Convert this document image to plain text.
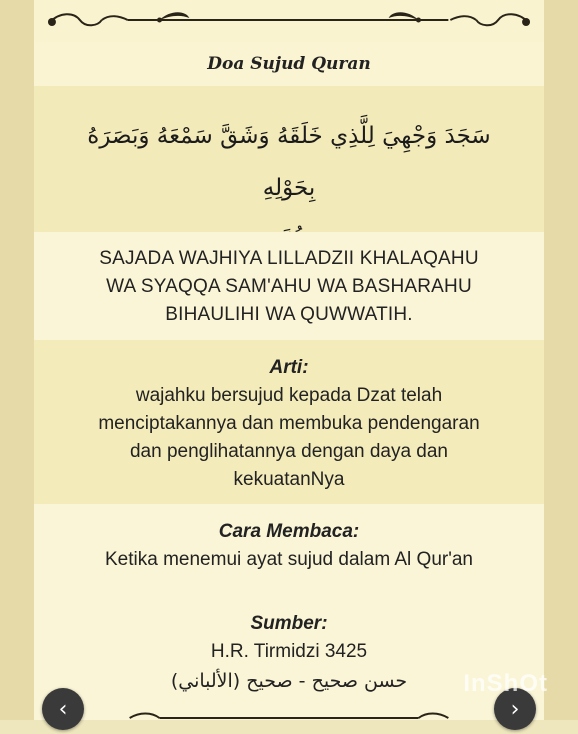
Doa Sujud Quran
سَجَدَ وَجْهِيَ لِلَّذِي خَلَقَهُ وَشَقَّ سَمْعَهُ وَبَصَرَهُ بِحَوْلِهِ
SAJADA WAJHIYA LILLADZII KHALAQAHU
WA SYAQQA SAM'AHU WA BASHARAHU
BIHAULIHI WA QUWWATIH.
Arti:
wajahku bersujud kepada Dzat telah
menciptakannya dan membuka pendengaran
dan penglihatannya dengan daya dan
kekuatanNya
Cara Membaca:
Ketika menemui ayat sujud dalam Al Qur'an
Sumber:
H.R. Tirmidzi 3425
حسن صحيح - صحيح (الألباني)
‹	›
InShOt
